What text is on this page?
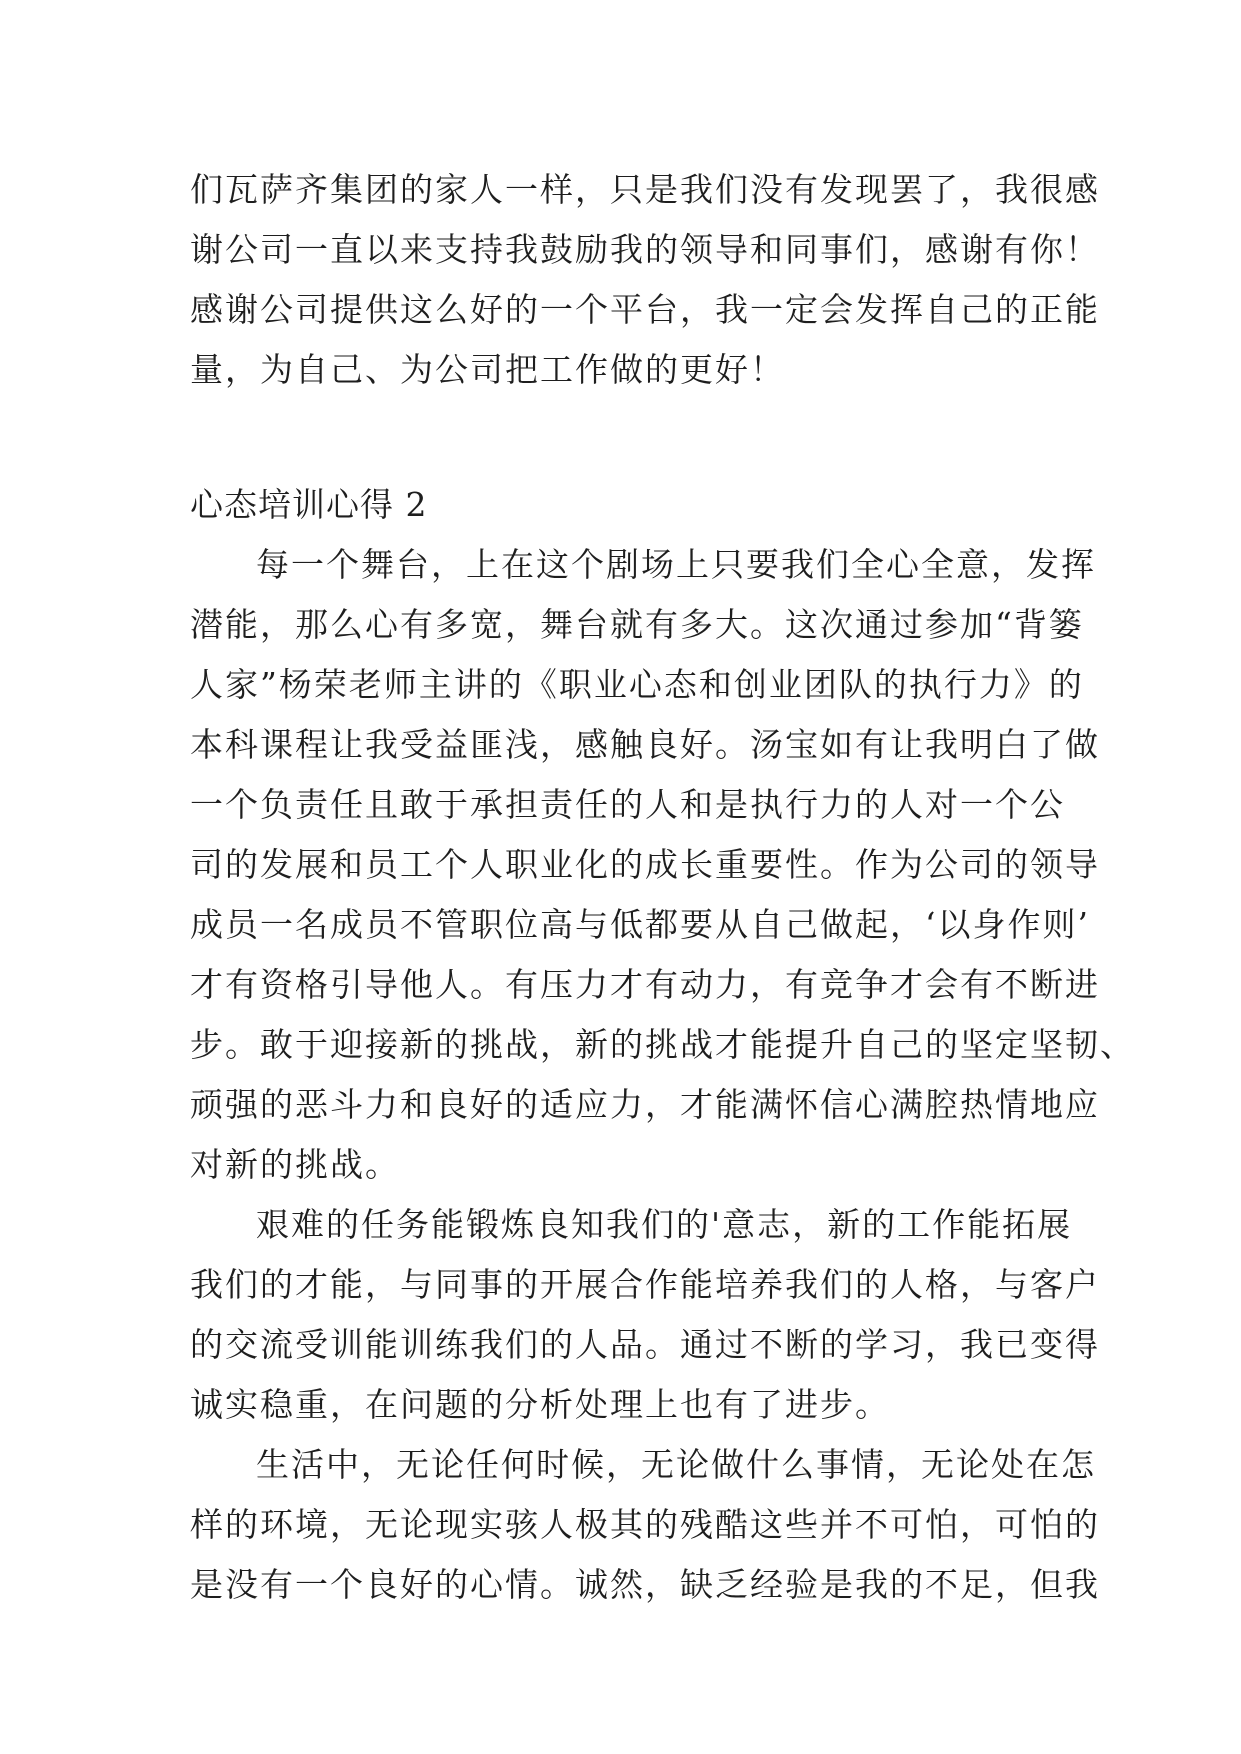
们瓦萨齐集团的家人一样，只是我们没有发现罢了，我很感
谢公司一直以来支持我鼓励我的领导和同事们，感谢有你！
感谢公司提供这么好的一个平台，我一定会发挥自己的正能
量，为自己、为公司把工作做的更好！
心态培训心得 2
每一个舞台，上在这个剧场上只要我们全心全意，发挥
潜能，那么心有多宽，舞台就有多大。这次通过参加“背篓
人家”杨荣老师主讲的《职业心态和创业团队的执行力》的
本科课程让我受益匪浅，感触良好。汤宝如有让我明白了做
一个负责任且敢于承担责任的人和是执行力的人对一个公
司的发展和员工个人职业化的成长重要性。作为公司的领导
成员一名成员不管职位高与低都要从自己做起，‘以身作则’
才有资格引导他人。有压力才有动力，有竞争才会有不断进
步。敢于迎接新的挑战，新的挑战才能提升自己的坚定坚韧、
顽强的恶斗力和良好的适应力，才能满怀信心满腔热情地应
对新的挑战。
艰难的任务能锻炼良知我们的'意志，新的工作能拓展
我们的才能，与同事的开展合作能培养我们的人格，与客户
的交流受训能训练我们的人品。通过不断的学习，我已变得
诚实稳重，在问题的分析处理上也有了进步。
生活中，无论任何时候，无论做什么事情，无论处在怎
样的环境，无论现实骇人极其的残酷这些并不可怕，可怕的
是没有一个良好的心情。诚然，缺乏经验是我的不足，但我
